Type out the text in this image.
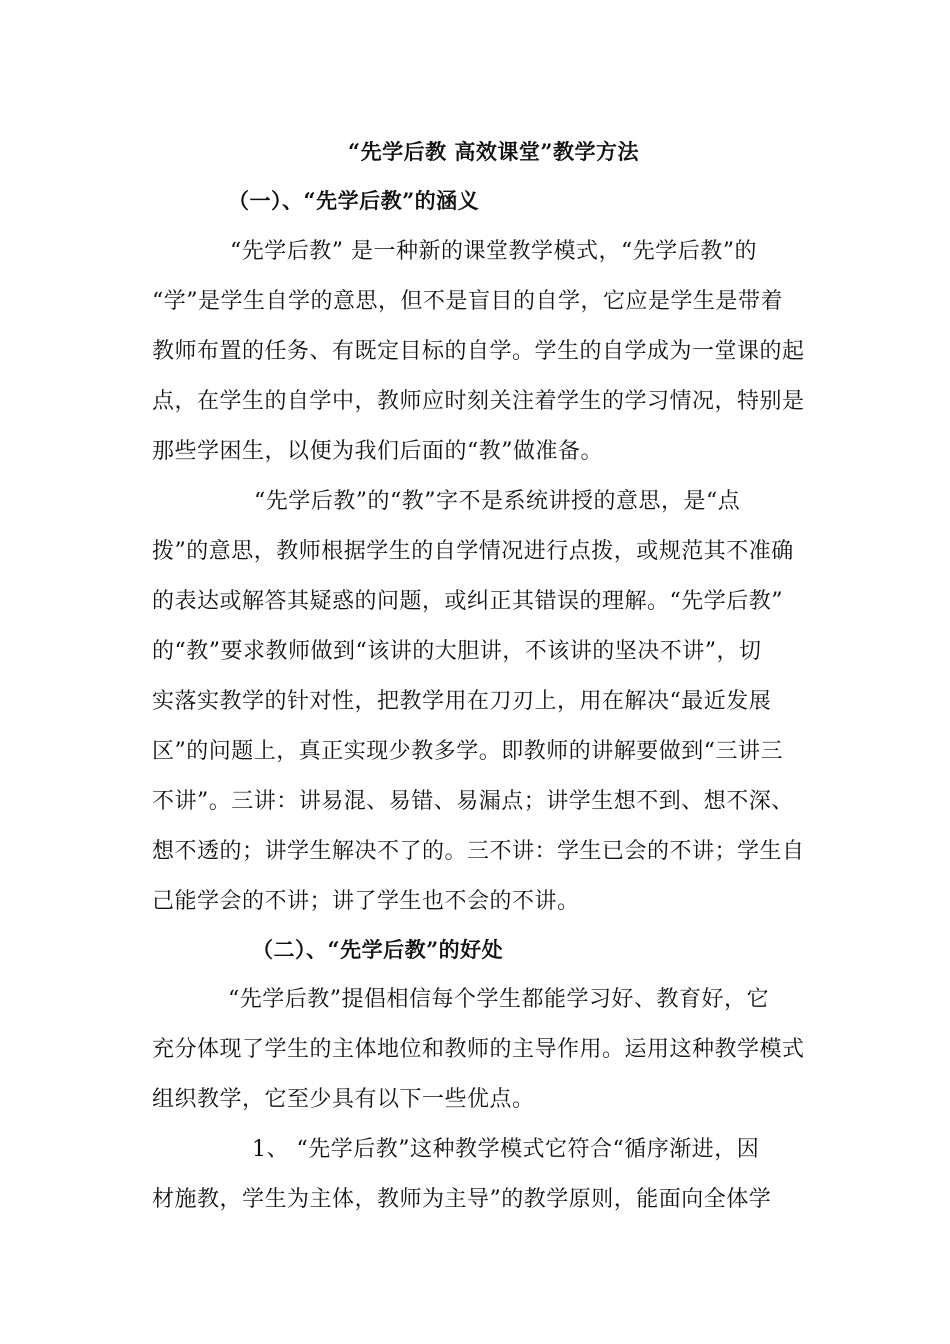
“先学后教 高效课堂”教学方法
（一）、“先学后教”的涵义
“先学后教” 是一种新的课堂教学模式，“先学后教”的
“学”是学生自学的意思，但不是盲目的自学，它应是学生是带着
教师布置的任务、有既定目标的自学。学生的自学成为一堂课的起
点，在学生的自学中，教师应时刻关注着学生的学习情况，特别是
那些学困生，以便为我们后面的“教”做准备。
“先学后教”的“教”字不是系统讲授的意思，是“点
拨”的意思，教师根据学生的自学情况进行点拨，或规范其不准确
的表达或解答其疑惑的问题，或纠正其错误的理解。“先学后教”
的“教”要求教师做到“该讲的大胆讲，不该讲的坚决不讲”，切
实落实教学的针对性，把教学用在刀刃上，用在解决“最近发展
区”的问题上，真正实现少教多学。即教师的讲解要做到“三讲三
不讲”。三讲：讲易混、易错、易漏点；讲学生想不到、想不深、
想不透的；讲学生解决不了的。三不讲：学生已会的不讲；学生自
己能学会的不讲；讲了学生也不会的不讲。
（二）、“先学后教”的好处
“先学后教”提倡相信每个学生都能学习好、教育好，它
充分体现了学生的主体地位和教师的主导作用。运用这种教学模式
组织教学，它至少具有以下一些优点。
1、 “先学后教”这种教学模式它符合“循序渐进，因
材施教，学生为主体，教师为主导”的教学原则，能面向全体学
